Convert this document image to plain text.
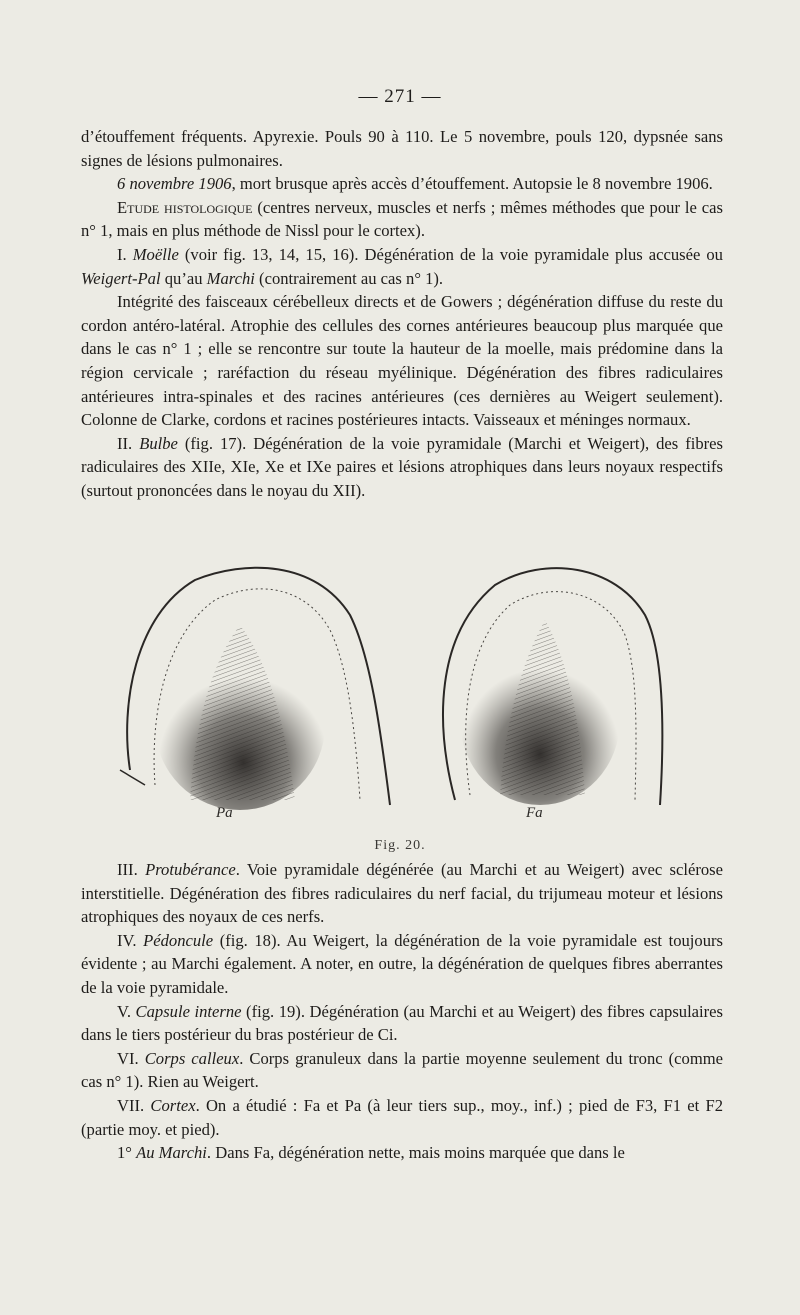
— 271 —

d’étouffement fréquents. Apyrexie. Pouls 90 à 110. Le 5 novembre, pouls 120, dypsnée sans signes de lésions pulmonaires.

6 novembre 1906, mort brusque après accès d’étouffement. Autopsie le 8 novembre 1906.

Etude histologique (centres nerveux, muscles et nerfs ; mêmes méthodes que pour le cas n° 1, mais en plus méthode de Nissl pour le cortex).

I. Moëlle (voir fig. 13, 14, 15, 16). Dégénération de la voie pyramidale plus accusée ou Weigert-Pal qu’au Marchi (contrairement au cas n° 1).

Intégrité des faisceaux cérébelleux directs et de Gowers ; dégénération diffuse du reste du cordon antéro-latéral. Atrophie des cellules des cornes antérieures beaucoup plus marquée que dans le cas n° 1 ; elle se rencontre sur toute la hauteur de la moelle, mais prédomine dans la région cervicale ; raréfaction du réseau myélinique. Dégénération des fibres radiculaires antérieures intra-spinales et des racines antérieures (ces dernières au Weigert seulement). Colonne de Clarke, cordons et racines postérieures intacts. Vaisseaux et méninges normaux.

II. Bulbe (fig. 17). Dégénération de la voie pyramidale (Marchi et Weigert), des fibres radiculaires des XIIe, XIe, Xe et IXe paires et lésions atrophiques dans leurs noyaux respectifs (surtout prononcées dans le noyau du XII).

Pa	Fa
Fig. 20.

III. Protubérance. Voie pyramidale dégénérée (au Marchi et au Weigert) avec sclérose interstitielle. Dégénération des fibres radiculaires du nerf facial, du trijumeau moteur et lésions atrophiques des noyaux de ces nerfs.

IV. Pédoncule (fig. 18). Au Weigert, la dégénération de la voie pyramidale est toujours évidente ; au Marchi également. A noter, en outre, la dégénération de quelques fibres aberrantes de la voie pyramidale.

V. Capsule interne (fig. 19). Dégénération (au Marchi et au Weigert) des fibres capsulaires dans le tiers postérieur du bras postérieur de Ci.

VI. Corps calleux. Corps granuleux dans la partie moyenne seulement du tronc (comme cas n° 1). Rien au Weigert.

VII. Cortex. On a étudié : Fa et Pa (à leur tiers sup., moy., inf.) ; pied de F3, F1 et F2 (partie moy. et pied).

1° Au Marchi. Dans Fa, dégénération nette, mais moins marquée que dans le
